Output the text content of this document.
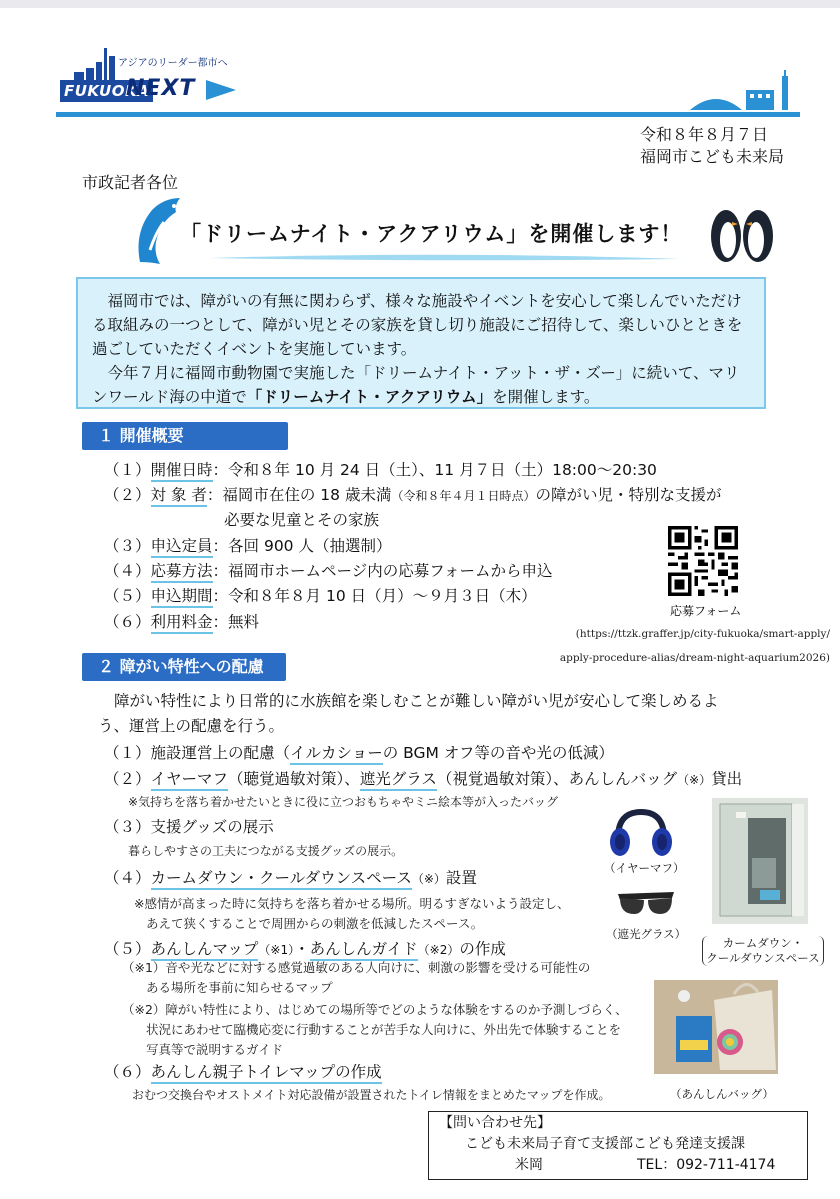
アジアのリーダー都市へ
FUKUOKA
NEXT
令和８年８月７日
福岡市こども未来局
市政記者各位
「ドリームナイト・アクアリウム」を開催します！

福岡市では、障がいの有無に関わらず、様々な施設やイベントを安心して楽しんでいただける取組みの一つとして、障がい児とその家族を貸し切り施設にご招待して、楽しいひとときを過ごしていただくイベントを実施しています。

今年７月に福岡市動物園で実施した「ドリームナイト・アット・ザ・ズー」に続いて、マリンワールド海の中道で「ドリームナイト・アクアリウム」を開催します。

１ 開催概要
（１）開催日時：令和８年 10 月 24 日（土）、11 月７日（土）18:00〜20:30
（２）対 象 者：福岡市在住の 18 歳未満（令和８年４月１日時点）の障がい児・特別な支援が
必要な児童とその家族
（３）申込定員：各回 900 人（抽選制）
（４）応募方法：福岡市ホームページ内の応募フォームから申込
（５）申込期間：令和８年８月 10 日（月）〜９月３日（木）
（６）利用料金：無料
応募フォーム
(https://ttzk.graffer.jp/city-fukuoka/smart-apply/
apply-procedure-alias/dream-night-aquarium2026)
２ 障がい特性への配慮
障がい特性により日常的に水族館を楽しむことが難しい障がい児が安心して楽しめるよ
う、運営上の配慮を行う。
（１）施設運営上の配慮（イルカショーの BGM オフ等の音や光の低減）
（２）イヤーマフ（聴覚過敏対策）、遮光グラス（視覚過敏対策）、あんしんバッグ（※）貸出
※気持ちを落ち着かせたいときに役に立つおもちゃやミニ絵本等が入ったバッグ
（３）支援グッズの展示
暮らしやすさの工夫につながる支援グッズの展示。
（４）カームダウン・クールダウンスペース（※）設置
※感情が高まった時に気持ちを落ち着かせる場所。明るすぎないよう設定し、
あえて狭くすることで周囲からの刺激を低減したスペース。
（５）あんしんマップ（※1）・あんしんガイド（※2）の作成
（※1）音や光などに対する感覚過敏のある人向けに、刺激の影響を受ける可能性の
ある場所を事前に知らせるマップ
（※2）障がい特性により、はじめての場所等でどのような体験をするのか予測しづらく、
状況にあわせて臨機応変に行動することが苦手な人向けに、外出先で体験することを
写真等で説明するガイド
（６）あんしん親子トイレマップの作成
おむつ交換台やオストメイト対応設備が設置されたトイレ情報をまとめたマップを作成。
（イヤーマフ）
（遮光グラス）
カームダウン・
クールダウンスペース
（あんしんバッグ）
【問い合わせ先】
こども未来局子育て支援部こども発達支援課
米岡	TEL：092-711-4174
